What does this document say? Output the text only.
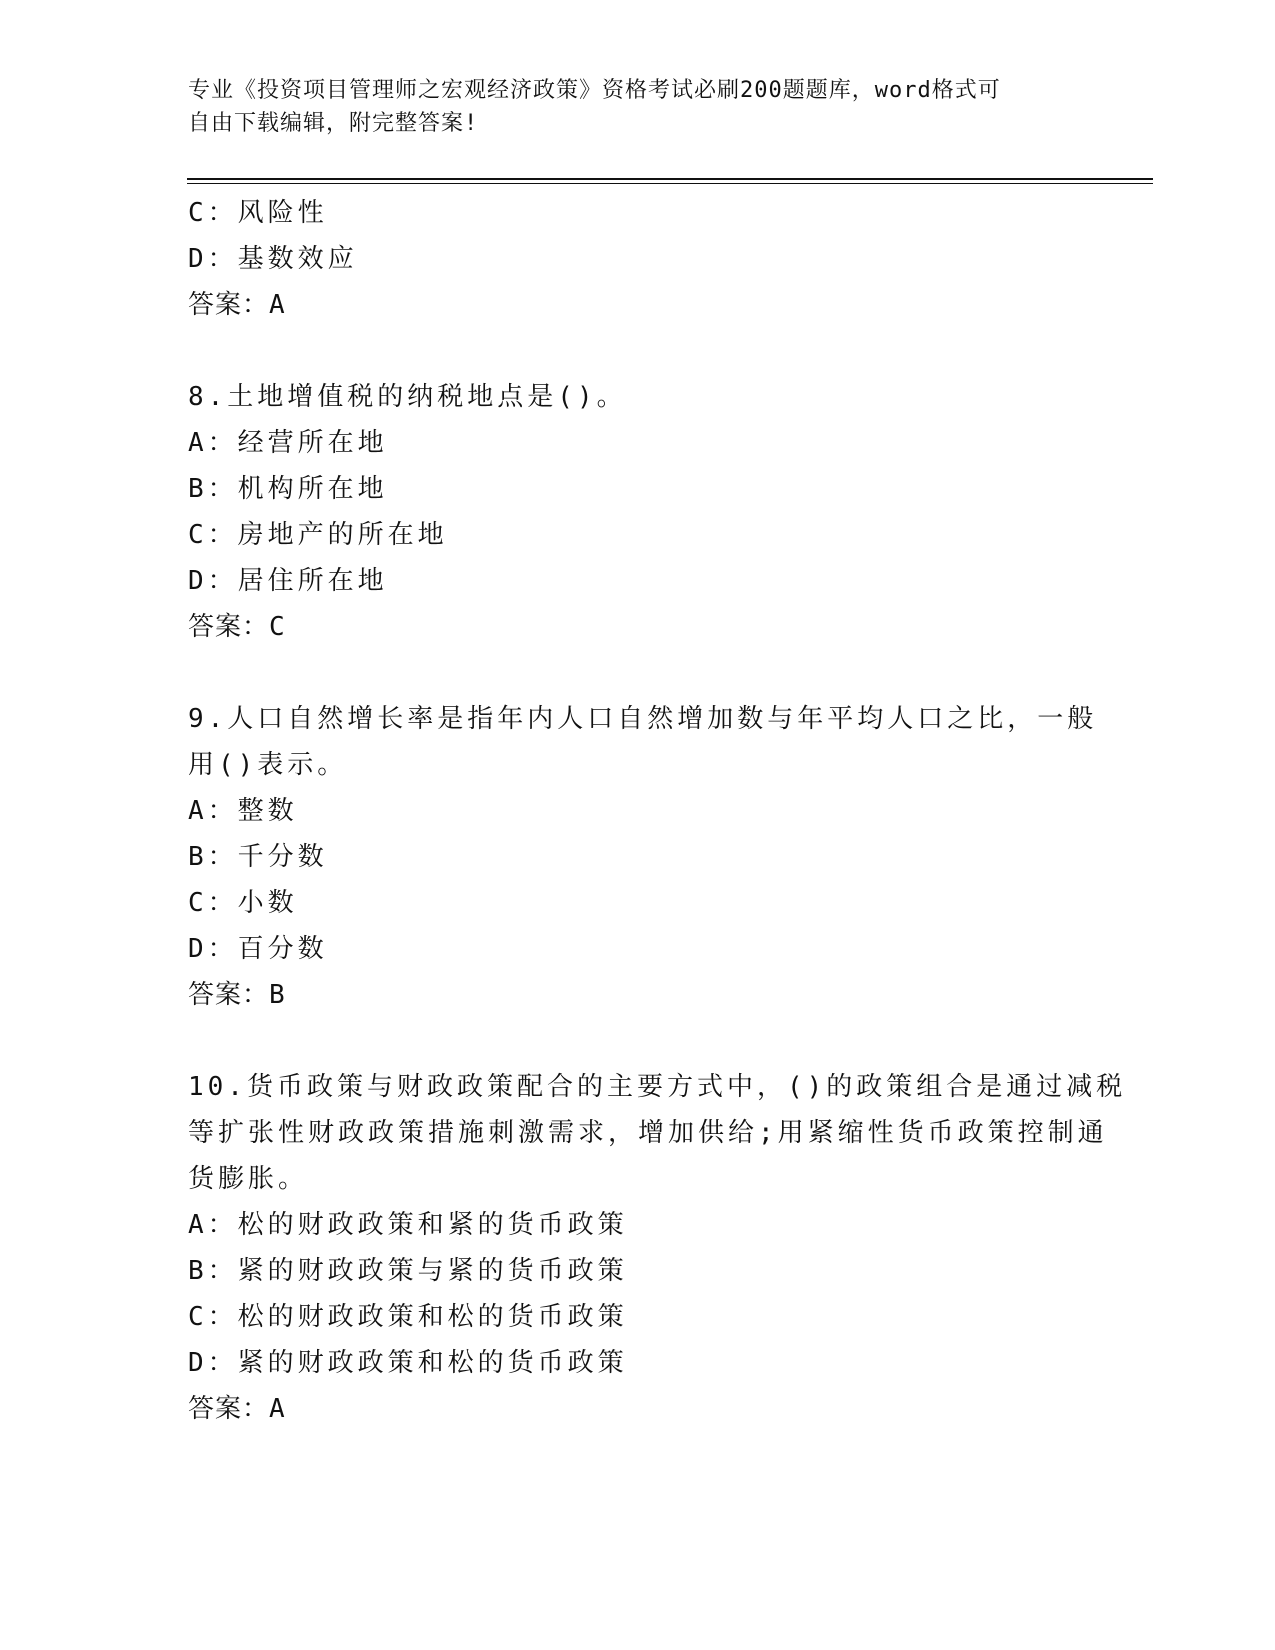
专业《投资项目管理师之宏观经济政策》资格考试必刷200题题库，word格式可
自由下载编辑，附完整答案!
C：风险性
D：基数效应
答案：A
8.土地增值税的纳税地点是()。
A：经营所在地
B：机构所在地
C：房地产的所在地
D：居住所在地
答案：C
9.人口自然增长率是指年内人口自然增加数与年平均人口之比，一般
用()表示。
A：整数
B：千分数
C：小数
D：百分数
答案：B
10.货币政策与财政政策配合的主要方式中，()的政策组合是通过减税
等扩张性财政政策措施刺激需求，增加供给;用紧缩性货币政策控制通
货膨胀。
A：松的财政政策和紧的货币政策
B：紧的财政政策与紧的货币政策
C：松的财政政策和松的货币政策
D：紧的财政政策和松的货币政策
答案：A
